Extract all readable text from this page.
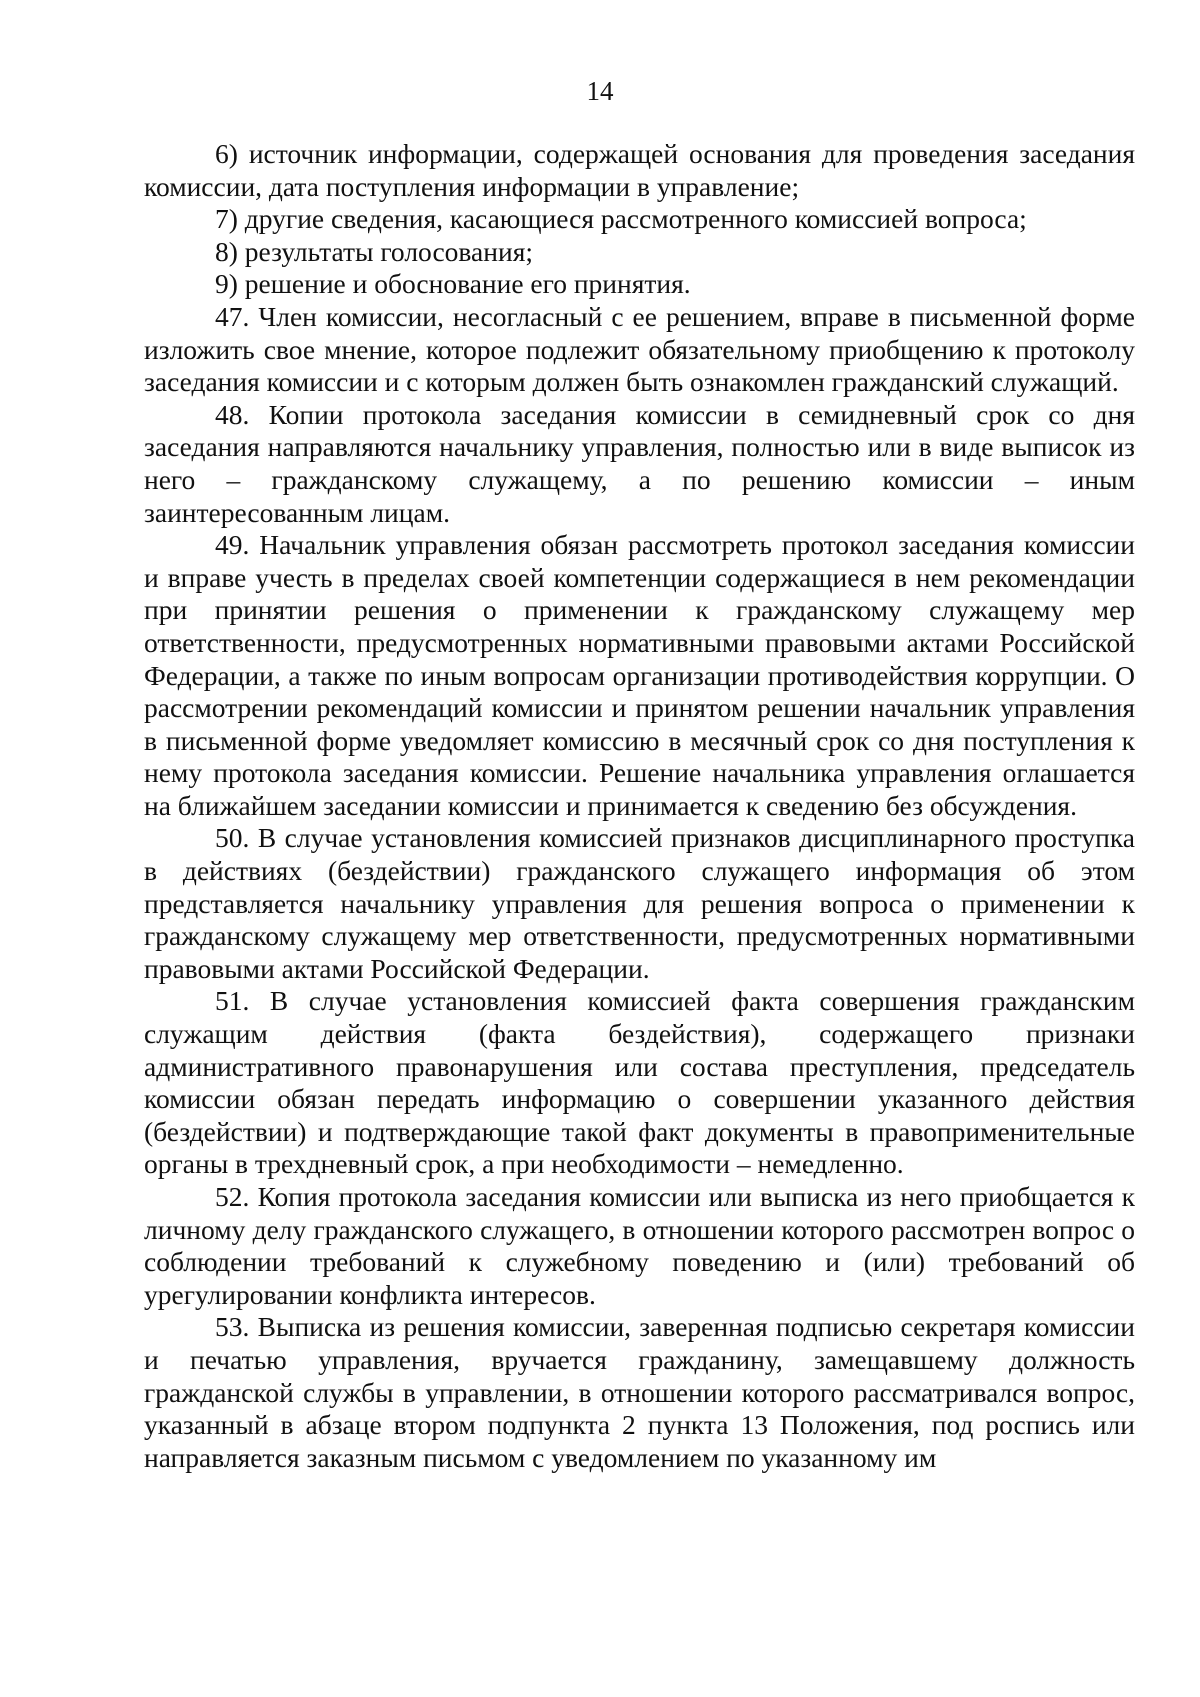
14

6) источник информации, содержащей основания для проведения заседания комиссии, дата поступления информации в управление;

7) другие сведения, касающиеся рассмотренного комиссией вопроса;

8) результаты голосования;

9) решение и обоснование его принятия.

47. Член комиссии, несогласный с ее решением, вправе в письменной форме изложить свое мнение, которое подлежит обязательному приобщению к протоколу заседания комиссии и с которым должен быть ознакомлен гражданский служащий.

48. Копии протокола заседания комиссии в семидневный срок со дня заседания направляются начальнику управления, полностью или в виде выписок из него – гражданскому служащему, а по решению комиссии – иным заинтересованным лицам.

49. Начальник управления обязан рассмотреть протокол заседания комиссии и вправе учесть в пределах своей компетенции содержащиеся в нем рекомендации при принятии решения о применении к гражданскому служащему мер ответственности, предусмотренных нормативными правовыми актами Российской Федерации, а также по иным вопросам организации противодействия коррупции. О рассмотрении рекомендаций комиссии и принятом решении начальник управления в письменной форме уведомляет комиссию в месячный срок со дня поступления к нему протокола заседания комиссии. Решение начальника управления оглашается на ближайшем заседании комиссии и принимается к сведению без обсуждения.

50. В случае установления комиссией признаков дисциплинарного проступка в действиях (бездействии) гражданского служащего информация об этом представляется начальнику управления для решения вопроса о применении к гражданскому служащему мер ответственности, предусмотренных нормативными правовыми актами Российской Федерации.

51. В случае установления комиссией факта совершения гражданским служащим действия (факта бездействия), содержащего признаки административного правонарушения или состава преступления, председатель комиссии обязан передать информацию о совершении указанного действия (бездействии) и подтверждающие такой факт документы в правоприменительные органы в трехдневный срок, а при необходимости – немедленно.

52. Копия протокола заседания комиссии или выписка из него приобщается к личному делу гражданского служащего, в отношении которого рассмотрен вопрос о соблюдении требований к служебному поведению и (или) требований об урегулировании конфликта интересов.

53. Выписка из решения комиссии, заверенная подписью секретаря комиссии и печатью управления, вручается гражданину, замещавшему должность гражданской службы в управлении, в отношении которого рассматривался вопрос, указанный в абзаце втором подпункта 2 пункта 13 Положения, под роспись или направляется заказным письмом с уведомлением по указанному им
